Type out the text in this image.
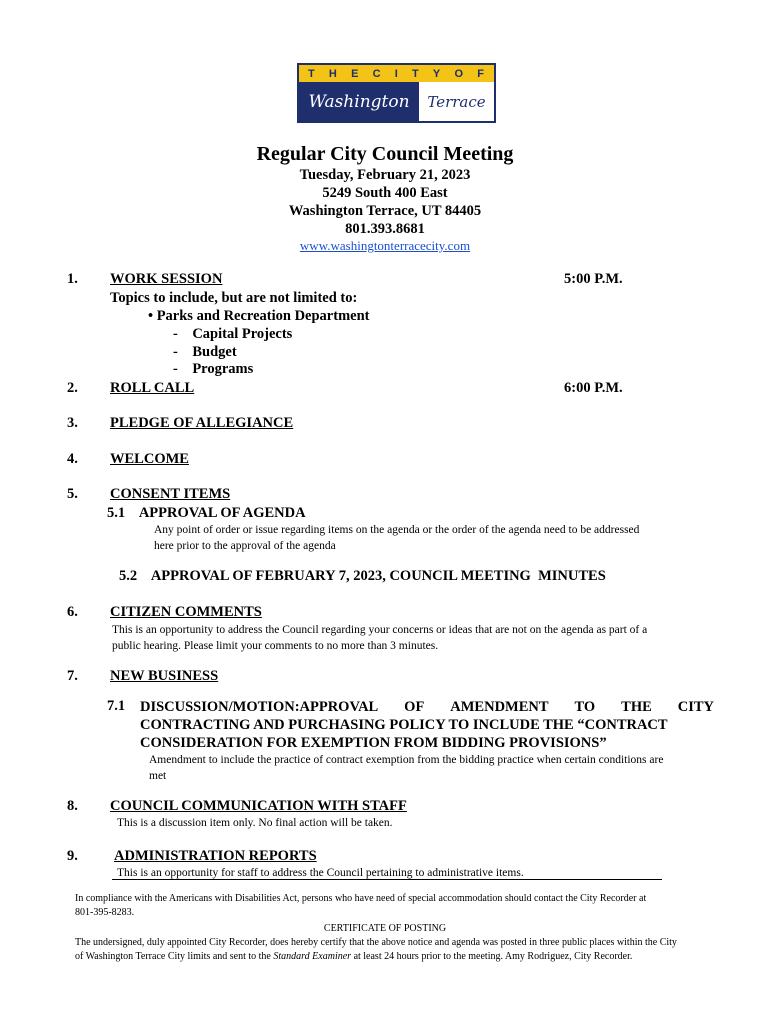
T H E C I T Y O F
Washington	Terrace
Regular City Council Meeting
Tuesday, February 21, 2023
5249 South 400 East
Washington Terrace, UT 84405
801.393.8681
www.washingtonterracecity.com
1. WORK SESSION	5:00 P.M.
Topics to include, but are not limited to:
• Parks and Recreation Department
-    Capital Projects
-    Budget
-    Programs
2. ROLL CALL	6:00 P.M.
3. PLEDGE OF ALLEGIANCE
4. WELCOME
5. CONSENT ITEMS
5.1    APPROVAL OF AGENDA
Any point of order or issue regarding items on the agenda or the order of the agenda need to be addressed
here prior to the approval of the agenda
5.2    APPROVAL OF FEBRUARY 7, 2023, COUNCIL MEETING  MINUTES
6. CITIZEN COMMENTS
This is an opportunity to address the Council regarding your concerns or ideas that are not on the agenda as part of a
public hearing. Please limit your comments to no more than 3 minutes.
7. NEW BUSINESS
7.1 DISCUSSION/MOTION:APPROVAL OF AMENDMENT TO THE CITY
CONTRACTING AND PURCHASING POLICY TO INCLUDE THE “CONTRACT
CONSIDERATION FOR EXEMPTION FROM BIDDING PROVISIONS”
Amendment to include the practice of contract exemption from the bidding practice when certain conditions are
met
8. COUNCIL COMMUNICATION WITH STAFF
This is a discussion item only. No final action will be taken.
9. ADMINISTRATION REPORTS
This is an opportunity for staff to address the Council pertaining to administrative items.
In compliance with the Americans with Disabilities Act, persons who have need of special accommodation should contact the City Recorder at
801-395-8283.
CERTIFICATE OF POSTING
The undersigned, duly appointed City Recorder, does hereby certify that the above notice and agenda was posted in three public places within the City
of Washington Terrace City limits and sent to the Standard Examiner at least 24 hours prior to the meeting. Amy Rodriguez, City Recorder.
